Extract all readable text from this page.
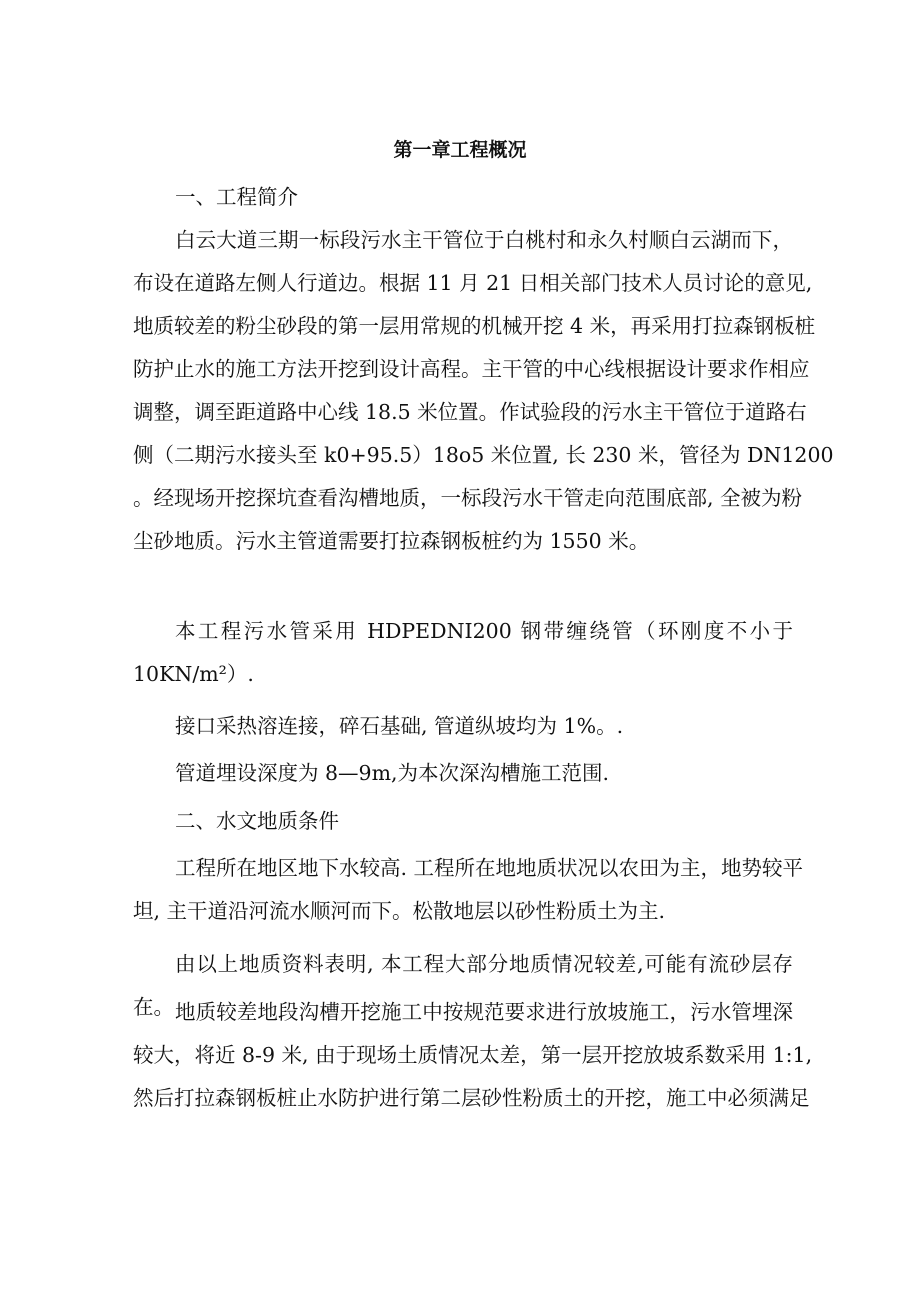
第一章工程概况

一、工程简介

白云大道三期一标段污水主干管位于白桃村和永久村顺白云湖而下，
布设在道路左侧人行道边。根据 11 月 21 日相关部门技术人员讨论的意见,
地质较差的粉尘砂段的第一层用常规的机械开挖 4 米，再采用打拉森钢板桩
防护止水的施工方法开挖到设计高程。主干管的中心线根据设计要求作相应
调整，调至距道路中心线 18.5 米位置。作试验段的污水主干管位于道路右
侧（二期污水接头至 k0+95.5）18o5 米位置, 长 230 米，管径为 DN1200
。经现场开挖探坑查看沟槽地质，一标段污水干管走向范围底部, 全被为粉
尘砂地质。污水主管道需要打拉森钢板桩约为 1550 米。
本工程污水管采用 HDPEDNI200 钢带缠绕管（环刚度不小于
10KN∕m²）.

接口采热溶连接，碎石基础, 管道纵坡均为 1%。.

管道埋设深度为 8—9m,为本次深沟槽施工范围.

二、水文地质条件

工程所在地区地下水较高. 工程所在地地质状况以农田为主，地势较平
坦, 主干道沿河流水顺河而下。松散地层以砂性粉质土为主.

由以上地质资料表明, 本工程大部分地质情况较差,可能有流砂层存在。 地质较差地段沟槽开挖施工中按规范要求进行放坡施工，污水管埋深
较大，将近 8-9 米, 由于现场土质情况太差，第一层开挖放坡系数采用 1:1,
然后打拉森钢板桩止水防护进行第二层砂性粉质土的开挖，施工中必须满足
